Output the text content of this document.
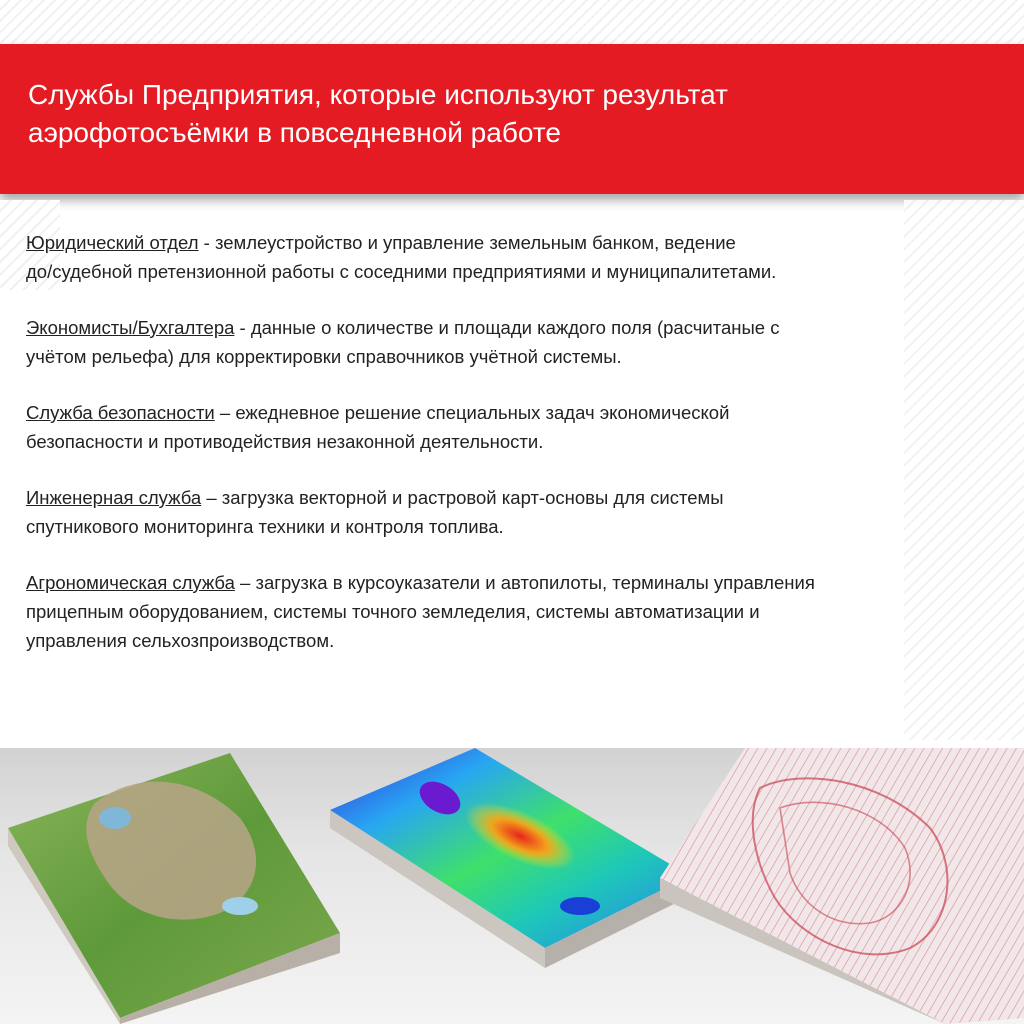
Службы Предприятия, которые используют результат
аэрофотосъёмки в повседневной работе

Юридический отдел - землеустройство и управление земельным банком, ведение
до/судебной претензионной работы с соседними предприятиями и муниципалитетами.

Экономисты/Бухгалтера - данные о количестве и площади каждого поля (расчитаные с
учётом рельефа) для корректировки справочников учётной системы.

Служба безопасности – ежедневное решение специальных задач экономической
безопасности и противодействия незаконной деятельности.

Инженерная служба – загрузка векторной и растровой карт-основы для системы
спутникового мониторинга техники и контроля топлива.

Агрономическая служба – загрузка в курсоуказатели и автопилоты, терминалы управления
прицепным оборудованием, системы точного земледелия, системы автоматизации и
управления сельхозпроизводством.
